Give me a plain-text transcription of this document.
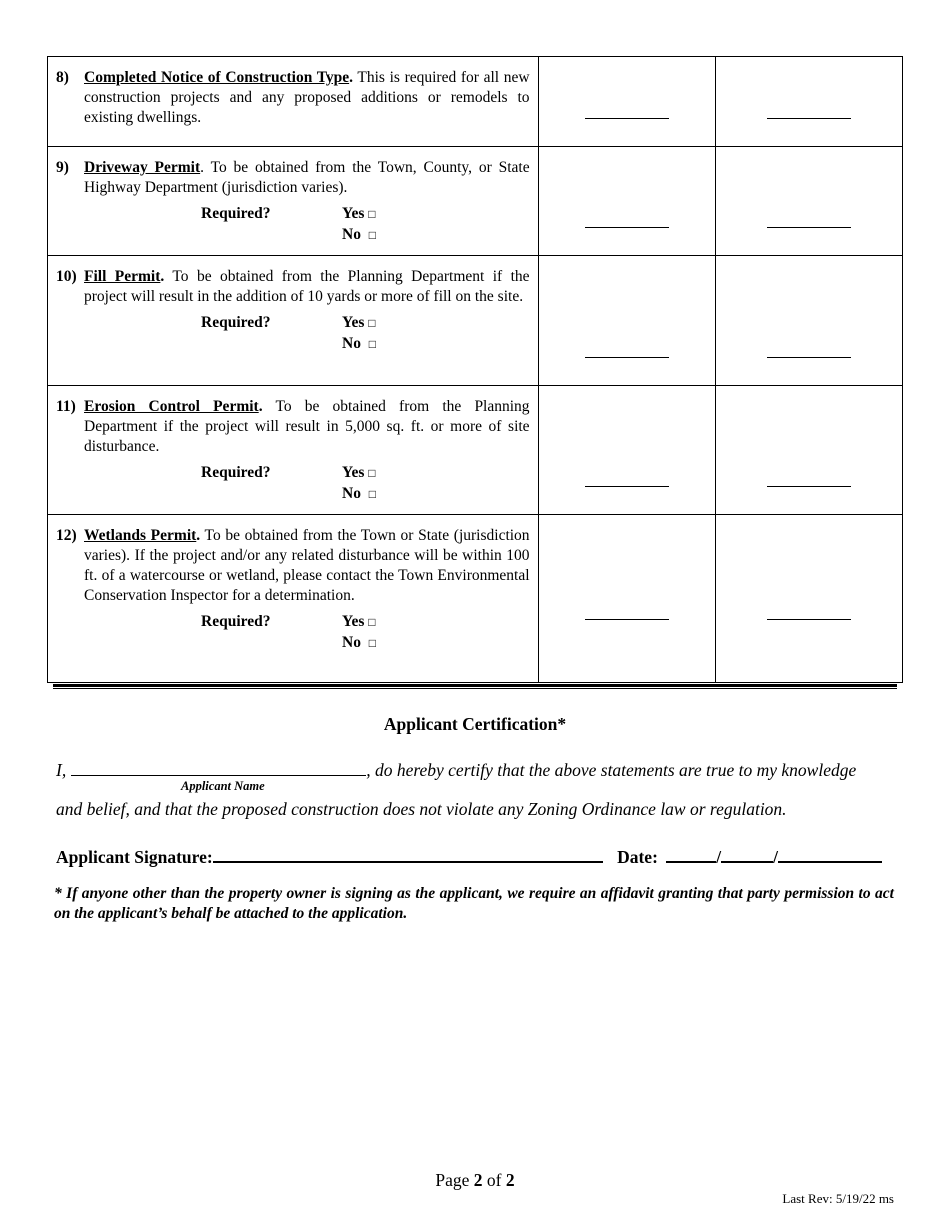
8) Completed Notice of Construction Type. This is required for all new construction projects and any proposed additions or remodels to existing dwellings.		

9) Driveway Permit. To be obtained from the Town, County, or State Highway Department (jurisdiction varies).
Required? Yes □
No □		

10) Fill Permit. To be obtained from the Planning Department if the project will result in the addition of 10 yards or more of fill on the site.
Required? Yes □
No □		

11) Erosion Control Permit. To be obtained from the Planning Department if the project will result in 5,000 sq. ft. or more of site disturbance.
Required? Yes □
No □		

12) Wetlands Permit. To be obtained from the Town or State (jurisdiction varies). If the project and/or any related disturbance will be within 100 ft. of a watercourse or wetland, please contact the Town Environmental Conservation Inspector for a determination.
Required? Yes □
No □		

Applicant Certification*
I,	, do hereby certify that the above statements are true to my knowledge
Applicant Name
and belief, and that the proposed construction does not violate any Zoning Ordinance law or regulation.
Applicant Signature:	Date:	/	/
* If anyone other than the property owner is signing as the applicant, we require an affidavit granting that party permission to act on the applicant’s behalf be attached to the application.
Page 2 of 2
Last Rev: 5/19/22 ms
